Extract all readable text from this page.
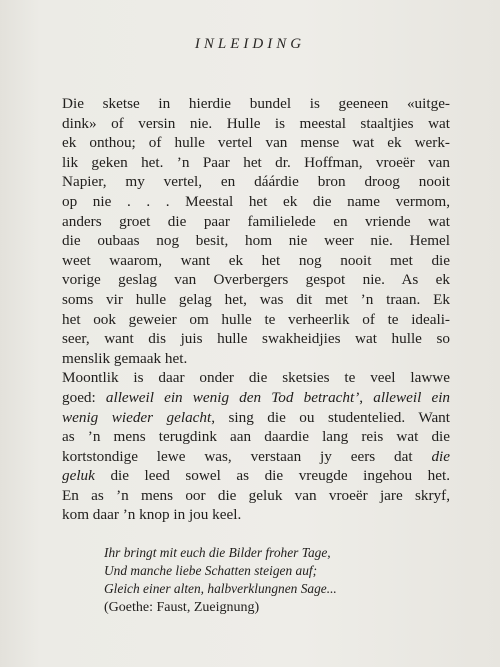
INLEIDING
Die sketse in hierdie bundel is geeneen «uitge-
dink» of versin nie. Hulle is meestal staaltjies wat
ek onthou; of hulle vertel van mense wat ek werk-
lik geken het. ’n Paar het dr. Hoffman, vroeër van
Napier, my vertel, en dáárdie bron droog nooit
op nie . . . Meestal het ek die name vermom,
anders groet die paar familielede en vriende wat
die oubaas nog besit, hom nie weer nie. Hemel
weet waarom, want ek het nog nooit met die
vorige geslag van Overbergers gespot nie. As ek
soms vir hulle gelag het, was dit met ’n traan. Ek
het ook geweier om hulle te verheerlik of te ideali-
seer, want dis juis hulle swakheidjies wat hulle so
menslik gemaak het.
Moontlik is daar onder die sketsies te veel lawwe
goed: alleweil ein wenig den Tod betracht’, alleweil ein
wenig wieder gelacht, sing die ou studentelied. Want
as ’n mens terugdink aan daardie lang reis wat die
kortstondige lewe was, verstaan jy eers dat die
geluk die leed sowel as die vreugde ingehou het.
En as ’n mens oor die geluk van vroeër jare skryf,
kom daar ’n knop in jou keel.
Ihr bringt mit euch die Bilder froher Tage,
Und manche liebe Schatten steigen auf;
Gleich einer alten, halbverklungnen Sage...
(Goethe: Faust, Zueignung)
